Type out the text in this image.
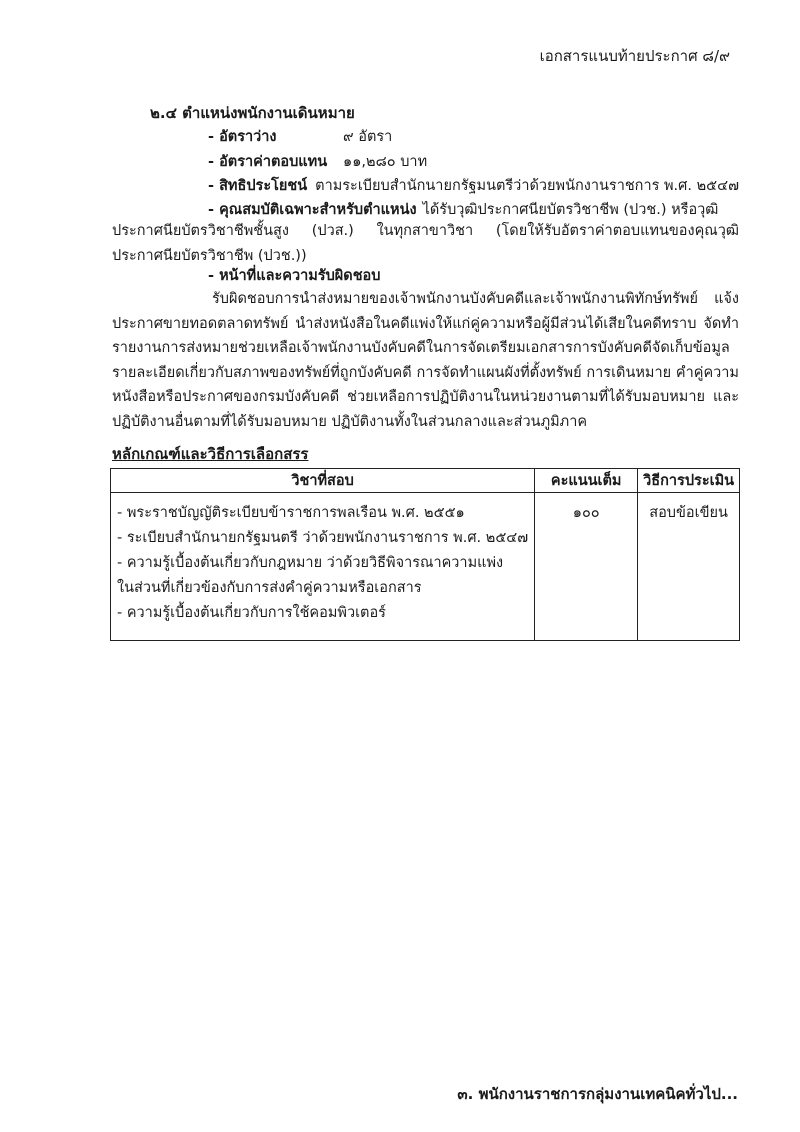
เอกสารแนบท้ายประกาศ ๘/๙
๒.๔ ตำแหน่งพนักงานเดินหมาย
- อัตราว่าง	๙ อัตรา
- อัตราค่าตอบแทน ๑๑,๒๘๐ บาท
- สิทธิประโยชน์ ตามระเบียบสำนักนายกรัฐมนตรีว่าด้วยพนักงานราชการ พ.ศ. ๒๕๔๗
- คุณสมบัติเฉพาะสำหรับตำแหน่ง ได้รับวุฒิประกาศนียบัตรวิชาชีพ (ปวช.) หรือวุฒิ
ประกาศนียบัตรวิชาชีพชั้นสูง (ปวส.) ในทุกสาขาวิชา (โดยให้รับอัตราค่าตอบแทนของคุณวุฒิประกาศนียบัตรวิชาชีพ (ปวช.))
- หน้าที่และความรับผิดชอบ
รับผิดชอบการนำส่งหมายของเจ้าพนักงานบังคับคดีและเจ้าพนักงานพิทักษ์ทรัพย์ แจ้งประกาศขายทอดตลาดทรัพย์ นำส่งหนังสือในคดีแพ่งให้แก่คู่ความหรือผู้มีส่วนได้เสียในคดีทราบ จัดทำรายงานการส่งหมายช่วยเหลือเจ้าพนักงานบังคับคดีในการจัดเตรียมเอกสารการบังคับคดีจัดเก็บข้อมูลรายละเอียดเกี่ยวกับสภาพของทรัพย์ที่ถูกบังคับคดี การจัดทำแผนผังที่ตั้งทรัพย์ การเดินหมาย คำคู่ความหนังสือหรือประกาศของกรมบังคับคดี ช่วยเหลือการปฏิบัติงานในหน่วยงานตามที่ได้รับมอบหมาย และปฏิบัติงานอื่นตามที่ได้รับมอบหมาย ปฏิบัติงานทั้งในส่วนกลางและส่วนภูมิภาค
หลักเกณฑ์และวิธีการเลือกสรร
วิชาที่สอบ	คะแนนเต็ม	วิธีการประเมิน

- พระราชบัญญัติระเบียบข้าราชการพลเรือน พ.ศ. ๒๕๕๑
- ระเบียบสำนักนายกรัฐมนตรี ว่าด้วยพนักงานราชการ พ.ศ. ๒๕๔๗
- ความรู้เบื้องต้นเกี่ยวกับกฎหมาย ว่าด้วยวิธีพิจารณาความแพ่ง
ในส่วนที่เกี่ยวข้องกับการส่งคำคู่ความหรือเอกสาร
- ความรู้เบื้องต้นเกี่ยวกับการใช้คอมพิวเตอร์	๑๐๐	สอบข้อเขียน
๓. พนักงานราชการกลุ่มงานเทคนิคทั่วไป...
